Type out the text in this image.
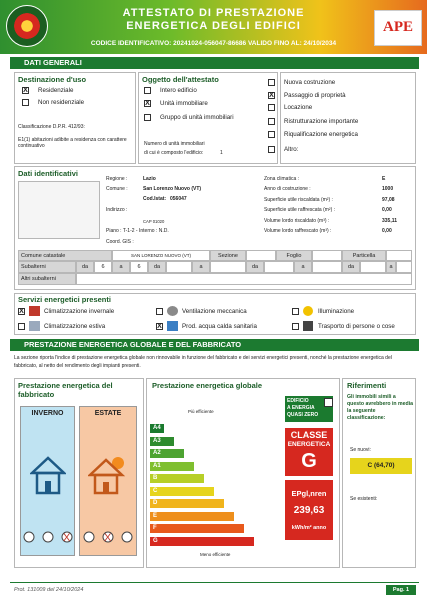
ATTESTATO DI PRESTAZIONE
ENERGETICA DEGLI EDIFICI
CODICE IDENTIFICATIVO: 20241024-056047-86686 VALIDO FINO AL: 24/10/2034
APE
DATI GENERALI
Destinazione d'uso
X Residenziale
Non residenziale
Classificazione D.P.R. 412/93:
E1(1) abitazioni adibite a residenza con carattere continuativo
Oggetto dell'attestato
Intero edificio
X Unità immobiliare
Gruppo di unità immobiliari
Numero di unità immobiliari
di cui è composto l'edificio:	1
Nuova costruzione
X Passaggio di proprietà
Locazione
Ristrutturazione importante
Riqualificazione energetica
Altro:
Dati identificativi
Regione :	Lazio
Comune :	San Lorenzo Nuovo (VT)
Cod.Istat: 056047
Indirizzo :
CAP 01020
Piano : T-1-2 - Interno : N.D.
Coord. GIS :
Zona climatica :	E
Anno di costruzione :	1000
Superficie utile riscaldata (m²) :	97,08
Superficie utile raffrescata (m²) :	0,00
Volume lordo riscaldato (m³) :	335,11
Volume lordo raffrescato (m³) :	0,00
Comune catastale	SAN LORENZO NUOVO (VT)	Sezione	Foglio	Particella
Subalterni	da	6	a	6	da	a	da	a	da	a
Altri subalterni
Servizi energetici presenti
X	Climatizzazione invernale
Climatizzazione estiva
Ventilazione meccanica
X	Prod. acqua calda sanitaria
Illuminazione
Trasporto di persone o cose
PRESTAZIONE ENERGETICA GLOBALE E DEL FABBRICATO
La sezione riporta l'indice di prestazione energetica globale non rinnovabile in funzione del fabbricato e dei servizi energetici presenti, nonché la prestazione energetica del fabbricato, al netto del rendimento degli impianti presenti.
Prestazione energetica del fabbricato
INVERNO	ESTATE
X	X
Prestazione energetica globale
Più efficiente
Meno efficiente
A4
A3
A2
A1
B
C
D
E
F
G
EDIFICIO
A ENERGIA
QUASI ZERO
CLASSE
ENERGETICA
G
EPgl,nren
239,63
kWh/m² anno
Riferimenti
Gli immobili simili a questo avrebbero in media la seguente classificazione:
Se nuovi:
C (64,70)
Se esistenti:
Prot. 131009 del 24/10/2024	Pag. 1
